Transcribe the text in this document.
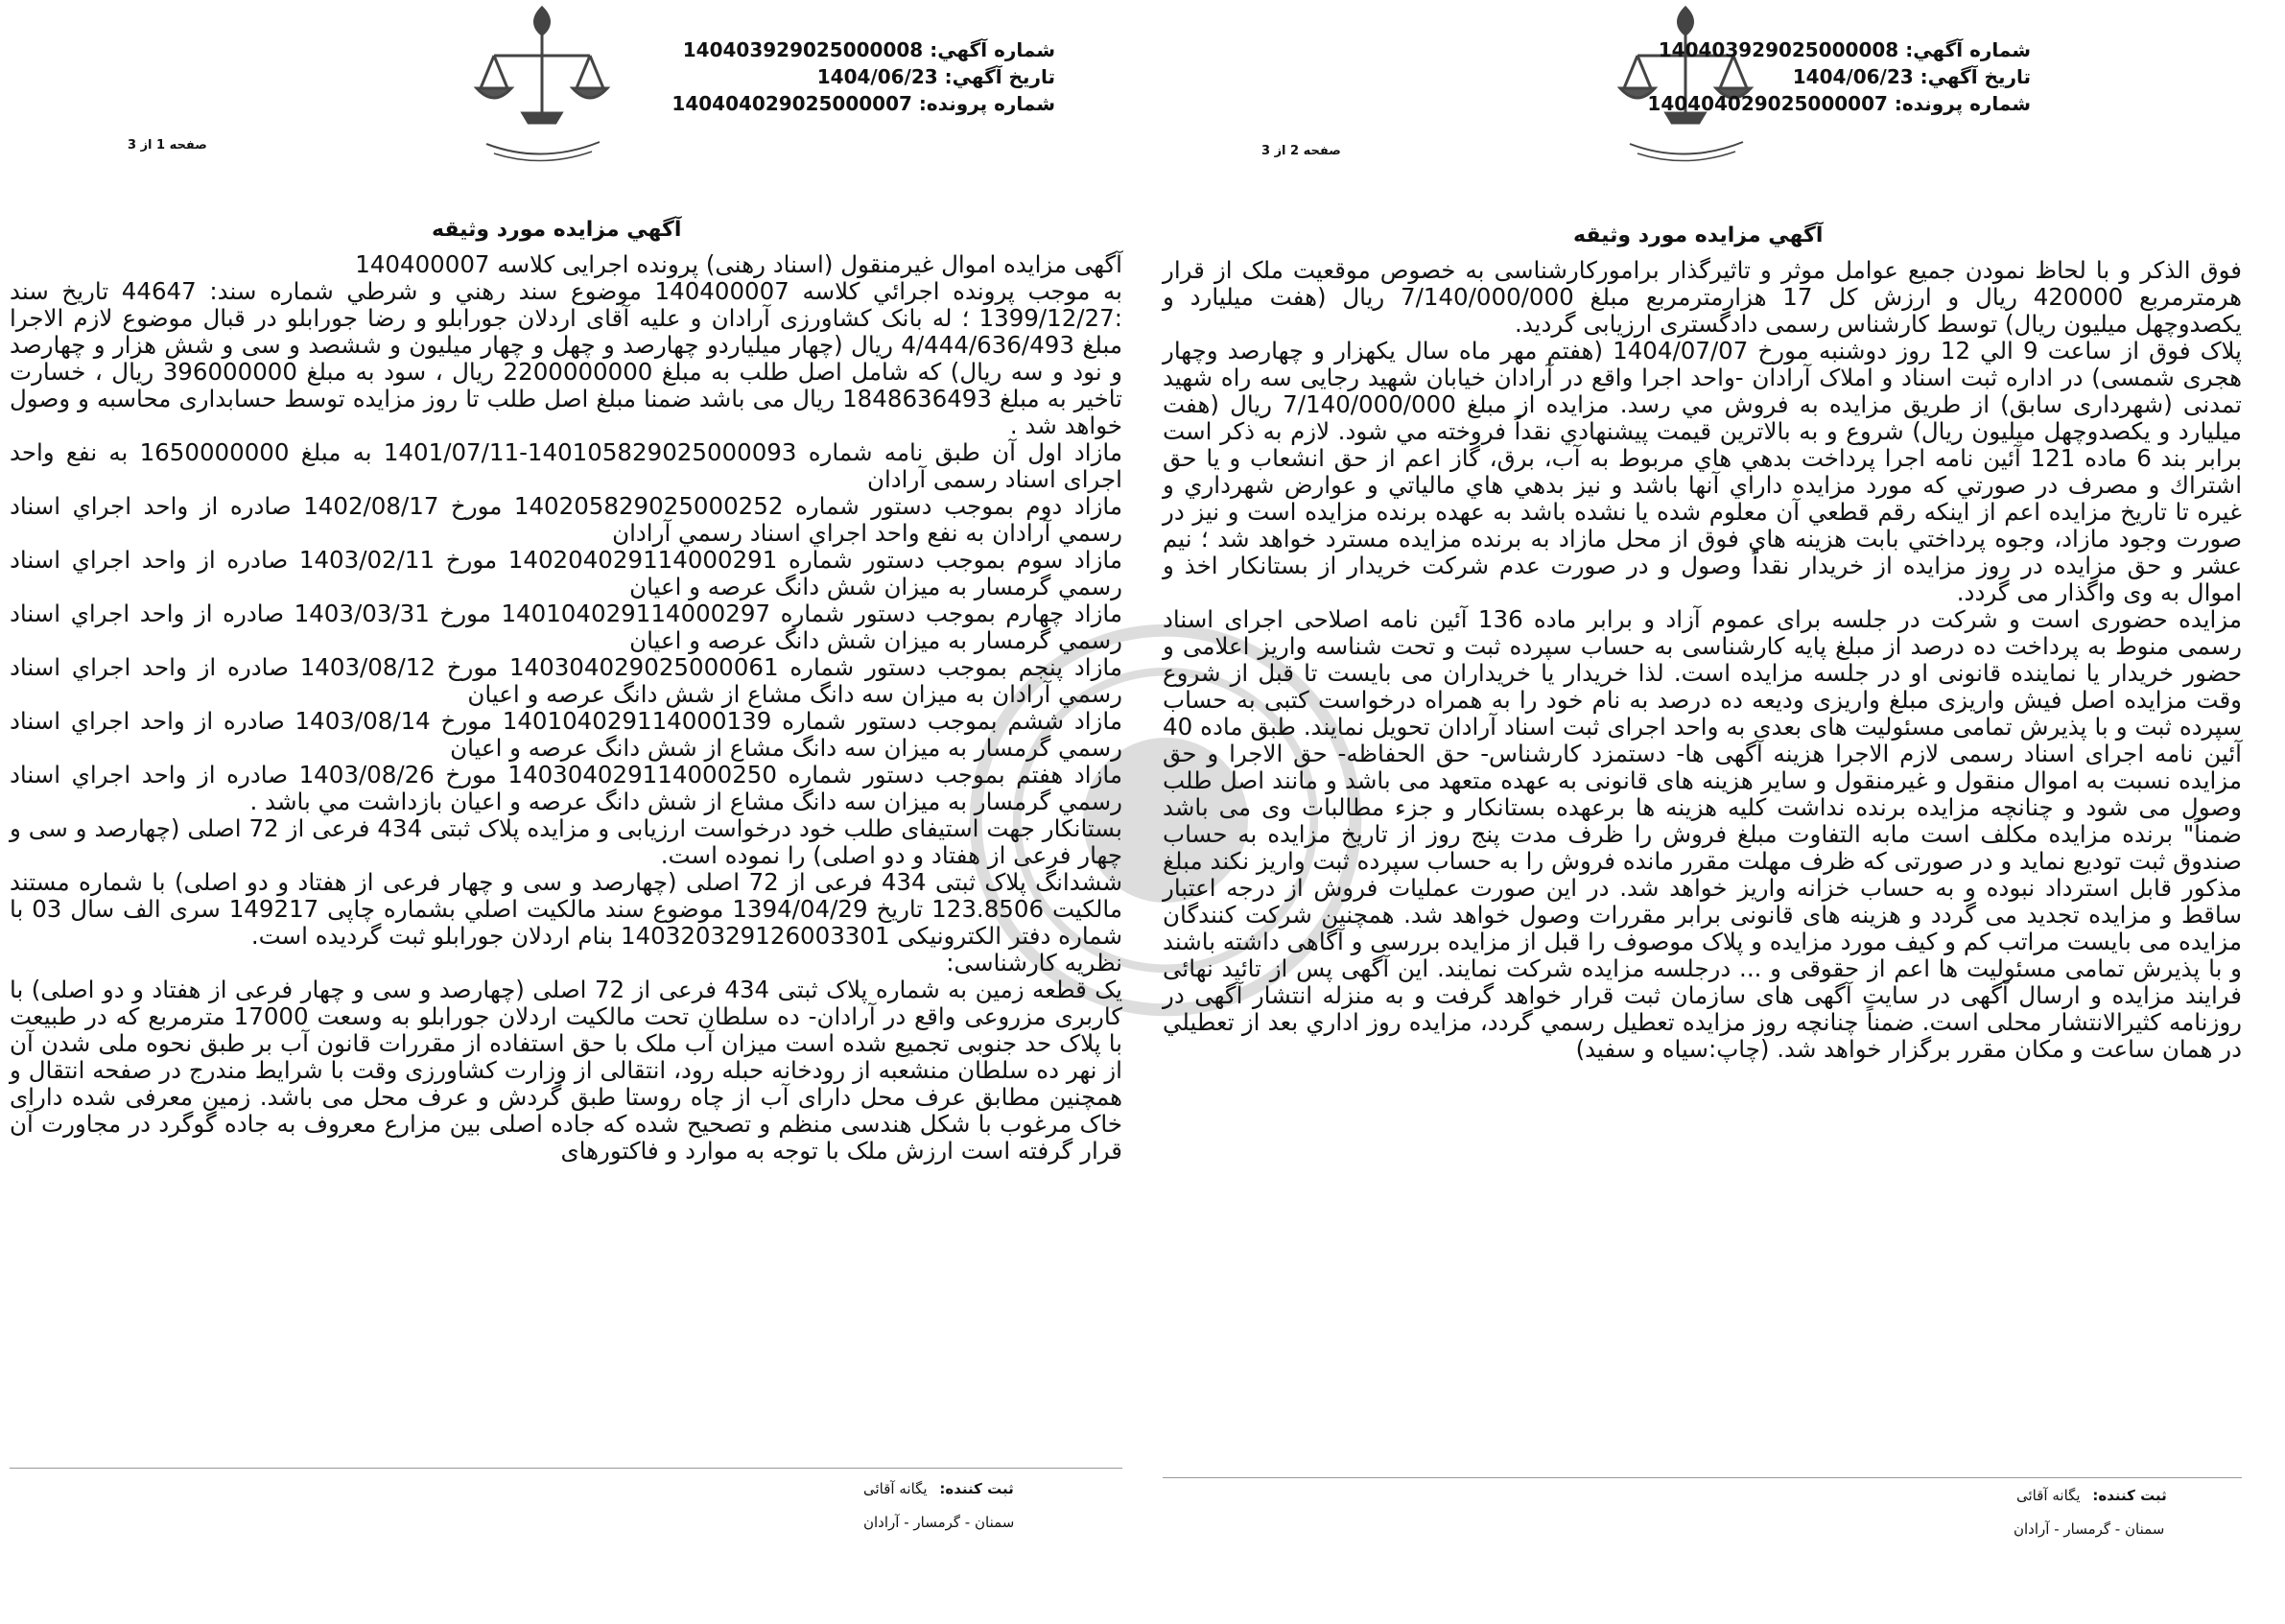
شماره آگهي: 140403929025000008
تاريخ آگهي: 1404/06/23
شماره پرونده: 140404029025000007
صفحه 2 از 3
آگهي مزايده مورد وثيقه

فوق الذكر و با لحاظ نمودن جميع عوامل موثر و تاثيرگذار براموركارشناسی به خصوص موقعيت ملک از قرار هرمترمربع 420000 ریال و ارزش کل 17 هزارمترمربع مبلغ 7/140/000/000 ريال (هفت میلیارد و یکصدوچهل میلیون ریال) توسط کارشناس رسمی دادگستری ارزيابی گرديد.

پلاک فوق از ساعت 9 الي 12 روز دوشنبه مورخ 1404/07/07 (هفتم مهر ماه سال یکهزار و چهارصد وچهار هجری شمسی) در اداره ثبت اسناد و املاک آرادان -واحد اجرا واقع در آرادان خيابان شهيد رجايی سه راه شهيد تمدنی (شهرداری سابق) از طريق مزايده به فروش مي رسد. مزايده از مبلغ 7/140/000/000 ريال (هفت میلیارد و یکصدوچهل میلیون ریال) شروع و به بالاترين قيمت پيشنهادي نقداً فروخته مي شود. لازم به ذكر است برابر بند 6 ماده 121 آئين نامه اجرا پرداخت بدهي هاي مربوط به آب، برق، گاز اعم از حق انشعاب و يا حق اشتراك و مصرف در صورتي كه مورد مزايده داراي آنها باشد و نيز بدهي هاي مالياتي و عوارض شهرداري و غيره تا تاريخ مزايده اعم از اينكه رقم قطعي آن معلوم شده يا نشده باشد به عهده برنده مزايده است و نيز در صورت وجود مازاد، وجوه پرداختي بابت هزينه هاي فوق از محل مازاد به برنده مزايده مسترد خواهد شد ؛ نيم عشر و حق مزايده در روز مزايده از خريدار نقداً وصول و در صورت عدم شرکت خريدار از بستانکار اخذ و اموال به وی واگذار می گردد.

مزايده حضوری است و شرکت در جلسه برای عموم آزاد و برابر ماده 136 آئين نامه اصلاحی اجرای اسناد رسمی منوط به پرداخت ده درصد از مبلغ پايه کارشناسی به حساب سپرده ثبت و تحت شناسه واريز اعلامی و حضور خريدار يا نماينده قانونی او در جلسه مزايده است. لذا خريدار يا خريداران می بايست تا قبل از شروع وقت مزايده اصل فيش واريزی مبلغ واريزی وديعه ده درصد به نام خود را به همراه درخواست کتبی به حساب سپرده ثبت و با پذيرش تمامی مسئوليت های بعدی به واحد اجرای ثبت اسناد آرادان تحويل نمايند. طبق ماده 40 آئين نامه اجرای اسناد رسمی لازم الاجرا هزينه آگهی ها- دستمزد کارشناس- حق الحفاظه- حق الاجرا و حق مزايده نسبت به اموال منقول و غيرمنقول و ساير هزينه های قانونی به عهده متعهد می باشد و مانند اصل طلب وصول می شود و چنانچه مزايده برنده نداشت کليه هزينه ها برعهده بستانکار و جزء مطالبات وی می باشد ضمناً" برنده مزايده مکلف است مابه التفاوت مبلغ فروش را ظرف مدت پنج روز از تاريخ مزايده به حساب صندوق ثبت توديع نمايد و در صورتی که ظرف مهلت مقرر مانده فروش را به حساب سپرده ثبت واريز نکند مبلغ مذکور قابل استرداد نبوده و به حساب خزانه واريز خواهد شد. در اين صورت عمليات فروش از درجه اعتبار ساقط و مزايده تجديد می گردد و هزينه های قانونی برابر مقررات وصول خواهد شد. همچنين شرکت کنندگان مزايده می بايست مراتب کم و کيف مورد مزايده و پلاک موصوف را قبل از مزايده بررسی و آگاهی داشته باشند و با پذيرش تمامی مسئوليت ها اعم از حقوقی و ... درجلسه مزايده شرکت نمايند. اين آگهی پس از تائيد نهائی فرايند مزايده و ارسال آگهی در سايت آگهی های سازمان ثبت قرار خواهد گرفت و به منزله انتشار آگهی در روزنامه کثيرالانتشار محلی است. ضمناً چنانچه روز مزايده تعطيل رسمي گردد، مزايده روز اداري بعد از تعطيلي در همان ساعت و مكان مقرر برگزار خواهد شد. (چاپ:سياه و سفيد)

ثبت کننده: یگانه آقائی
سمنان - گرمسار - آرادان
شماره آگهي: 140403929025000008
تاريخ آگهي: 1404/06/23
شماره پرونده: 140404029025000007
صفحه 1 از 3
آگهي مزايده مورد وثيقه

آگهی مزایده اموال غیرمنقول (اسناد رهنی) پرونده اجرایی کلاسه 140400007

به موجب پرونده اجرائي كلاسه 140400007 موضوع سند رهني و شرطي شماره سند: 44647 تاريخ سند :1399/12/27 ؛ له بانک کشاورزی آرادان و علیه آقای اردلان جورابلو و رضا جورابلو در قبال موضوع لازم الاجرا مبلغ 4/444/636/493 ریال (چهار میلیاردو چهارصد و چهل و چهار میلیون و ششصد و سی و شش هزار و چهارصد و نود و سه ریال) که شامل اصل طلب به مبلغ 2200000000 ریال ، سود به مبلغ 396000000 ریال ، خسارت تاخیر به مبلغ 1848636493 ریال می باشد ضمنا مبلغ اصل طلب تا روز مزایده توسط حسابداری محاسبه و وصول خواهد شد .

مازاد اول آن طبق نامه شماره 140105829025000093-1401/07/11 به مبلغ 1650000000 به نفع واحد اجرای اسناد رسمی آرادان

مازاد دوم بموجب دستور شماره 140205829025000252 مورخ 1402/08/17 صادره از واحد اجراي اسناد رسمي آرادان به نفع واحد اجراي اسناد رسمي آرادان

مازاد سوم بموجب دستور شماره 140204029114000291 مورخ 1403/02/11 صادره از واحد اجراي اسناد رسمي گرمسار به ميزان شش دانگ عرصه و اعيان

مازاد چهارم بموجب دستور شماره 140104029114000297 مورخ 1403/03/31 صادره از واحد اجراي اسناد رسمي گرمسار به ميزان شش دانگ عرصه و اعيان

مازاد پنجم بموجب دستور شماره 140304029025000061 مورخ 1403/08/12 صادره از واحد اجراي اسناد رسمي آرادان به ميزان سه دانگ مشاع از شش دانگ عرصه و اعيان

مازاد ششم بموجب دستور شماره 140104029114000139 مورخ 1403/08/14 صادره از واحد اجراي اسناد رسمي گرمسار به ميزان سه دانگ مشاع از شش دانگ عرصه و اعيان

مازاد هفتم بموجب دستور شماره 140304029114000250 مورخ 1403/08/26 صادره از واحد اجراي اسناد رسمي گرمسار به ميزان سه دانگ مشاع از شش دانگ عرصه و اعيان بازداشت مي باشد .

بستانکار جهت استیفای طلب خود درخواست ارزیابی و مزایده پلاک ثبتی 434 فرعی از 72 اصلی (چهارصد و سی و چهار فرعی از هفتاد و دو اصلی) را نموده است.

ششدانگ پلاک ثبتی 434 فرعی از 72 اصلی (چهارصد و سی و چهار فرعی از هفتاد و دو اصلی) با شماره مستند مالکیت 123.8506 تاریخ 1394/04/29 موضوع سند مالكيت اصلي بشماره چاپی 149217 سری الف سال 03 با شماره دفتر الکترونیکی 140320329126003301 بنام اردلان جورابلو ثبت گردیده است.

نظریه کارشناسی:

یک قطعه زمین به شماره پلاک ثبتی 434 فرعی از 72 اصلی (چهارصد و سی و چهار فرعی از هفتاد و دو اصلی) با کاربری مزروعی واقع در آرادان- ده سلطان تحت مالکیت اردلان جورابلو به وسعت 17000 مترمربع که در طبیعت با پلاک حد جنوبی تجمیع شده است میزان آب ملک با حق استفاده از مقررات قانون آب بر طبق نحوه ملی شدن آن از نهر ده سلطان منشعبه از رودخانه حبله رود، انتقالی از وزارت کشاورزی وقت با شرایط مندرج در صفحه انتقال و همچنین مطابق عرف محل دارای آب از چاه روستا طبق گردش و عرف محل می باشد. زمین معرفی شده دارای خاک مرغوب با شکل هندسی منظم و تصحیح شده که جاده اصلی بین مزارع معروف به جاده گوگرد در مجاورت آن قرار گرفته است ارزش ملک با توجه به موارد و فاکتورهای

ثبت کننده: یگانه آقائی
سمنان - گرمسار - آرادان
